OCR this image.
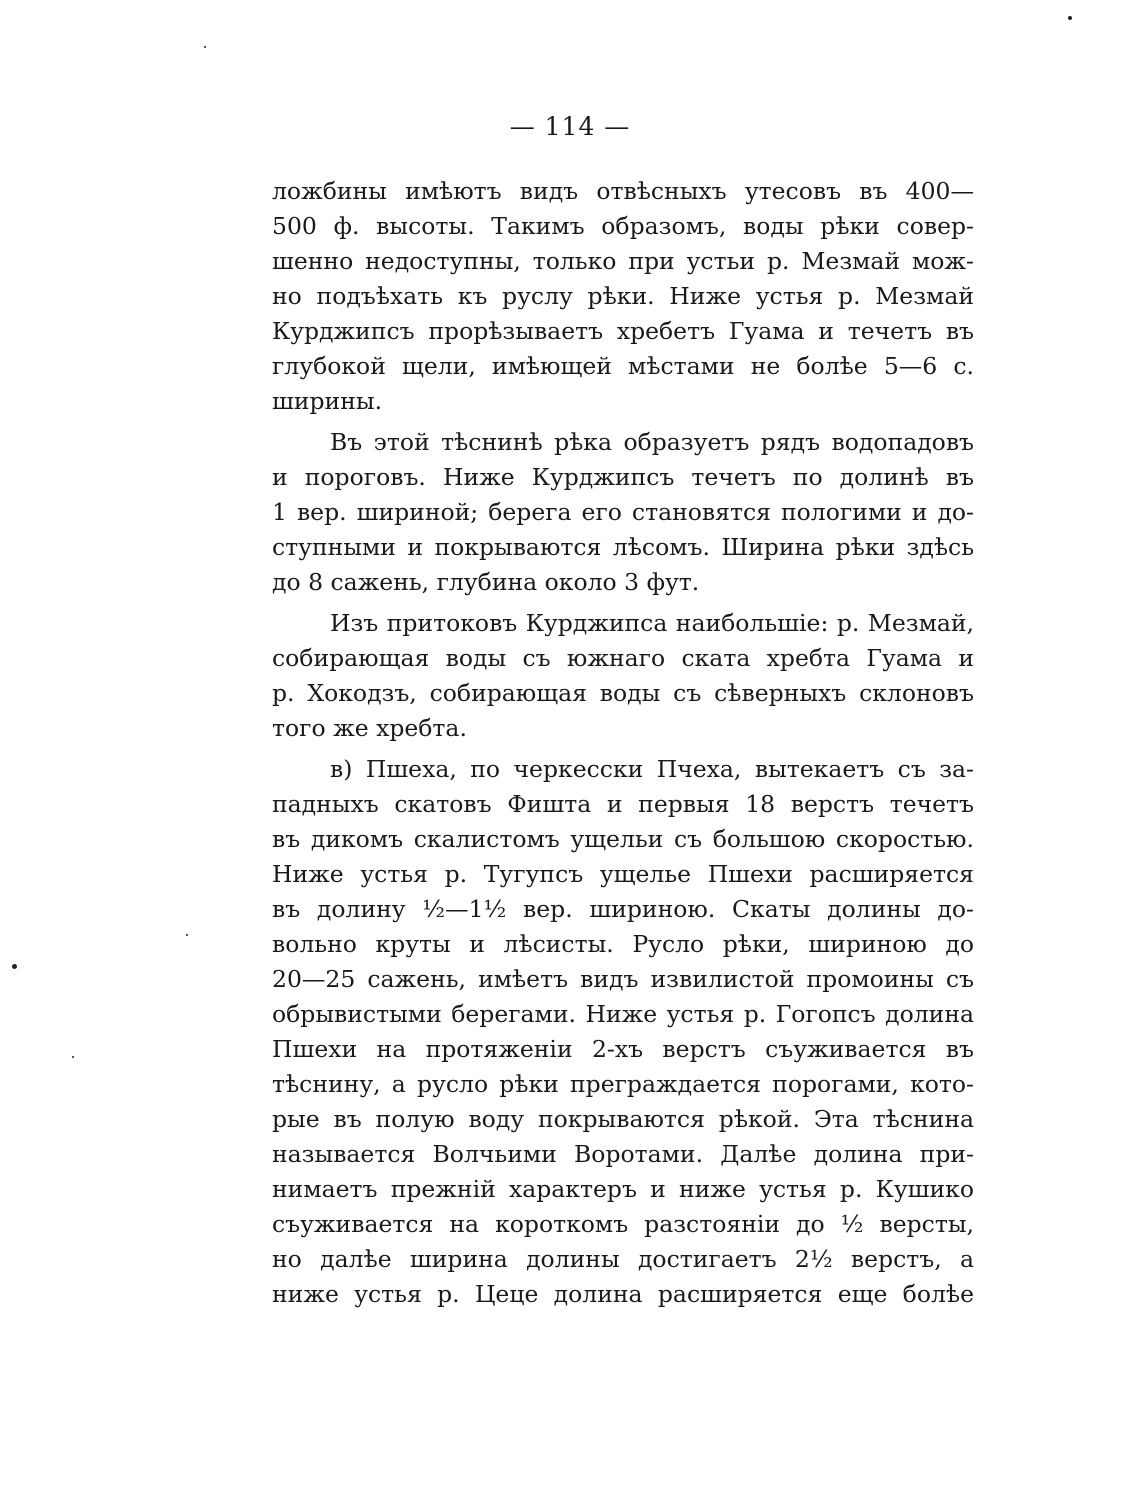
— 114 —
ложбины имѣютъ видъ отвѣсныхъ утесовъ въ 400—
500 ф. высоты. Такимъ образомъ, воды рѣки совер-
шенно недоступны, только при устьи р. Мезмай мож-
но подъѣхать къ руслу рѣки. Ниже устья р. Мезмай
Курджипсъ прорѣзываетъ хребетъ Гуама и течетъ въ
глубокой щели, имѣющей мѣстами не болѣе 5—6 с.
ширины.
Въ этой тѣснинѣ рѣка образуетъ рядъ водопадовъ
и пороговъ. Ниже Курджипсъ течетъ по долинѣ въ
1 вер. шириной; берега его становятся пологими и до-
ступными и покрываются лѣсомъ. Ширина рѣки здѣсь
до 8 сажень, глубина около 3 фут.
Изъ притоковъ Курджипса наибольшіе: р. Мезмай,
собирающая воды съ южнаго ската хребта Гуама и
р. Хокодзъ, собирающая воды съ сѣверныхъ склоновъ
того же хребта.
в) Пшеха, по черкесски Пчеха, вытекаетъ съ за-
падныхъ скатовъ Фишта и первыя 18 верстъ течетъ
въ дикомъ скалистомъ ущельи съ большою скоростью.
Ниже устья р. Тугупсъ ущелье Пшехи расширяется
въ долину ½—1½ вер. шириною. Скаты долины до-
вольно круты и лѣсисты. Русло рѣки, шириною до
20—25 сажень, имѣетъ видъ извилистой промоины съ
обрывистыми берегами. Ниже устья р. Гогопсъ долина
Пшехи на протяженіи 2-хъ верстъ съуживается въ
тѣснину, а русло рѣки преграждается порогами, кото-
рые въ полую воду покрываются рѣкой. Эта тѣснина
называется Волчьими Воротами. Далѣе долина при-
нимаетъ прежній характеръ и ниже устья р. Кушико
съуживается на короткомъ разстояніи до ½ версты,
но далѣе ширина долины достигаетъ 2½ верстъ, а
ниже устья р. Цеце долина расширяется еще болѣе
